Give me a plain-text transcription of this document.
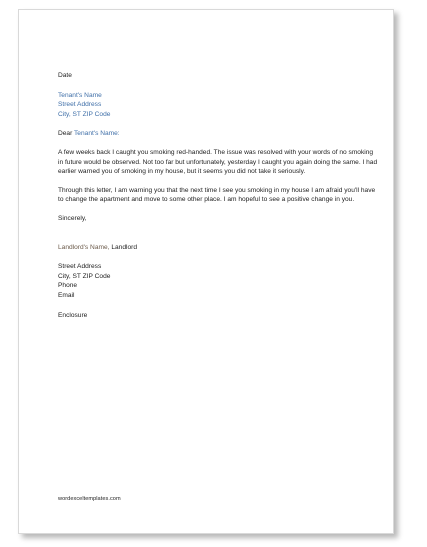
Date
Tenant's Name
Street Address
City, ST ZIP Code
Dear Tenant's Name:

A few weeks back I caught you smoking red-handed. The issue was resolved with your words of no smoking in future would be observed. Not too far but unfortunately, yesterday I caught you again doing the same. I had earlier warned you of smoking in my house, but it seems you did not take it seriously.

Through this letter, I am warning you that the next time I see you smoking in my house I am afraid you'll have to change the apartment and move to some other place. I am hopeful to see a positive change in you.

Sincerely,
Landlord's Name, Landlord
Street Address
City, ST ZIP Code
Phone
Email
Enclosure
wordexceltemplates.com
